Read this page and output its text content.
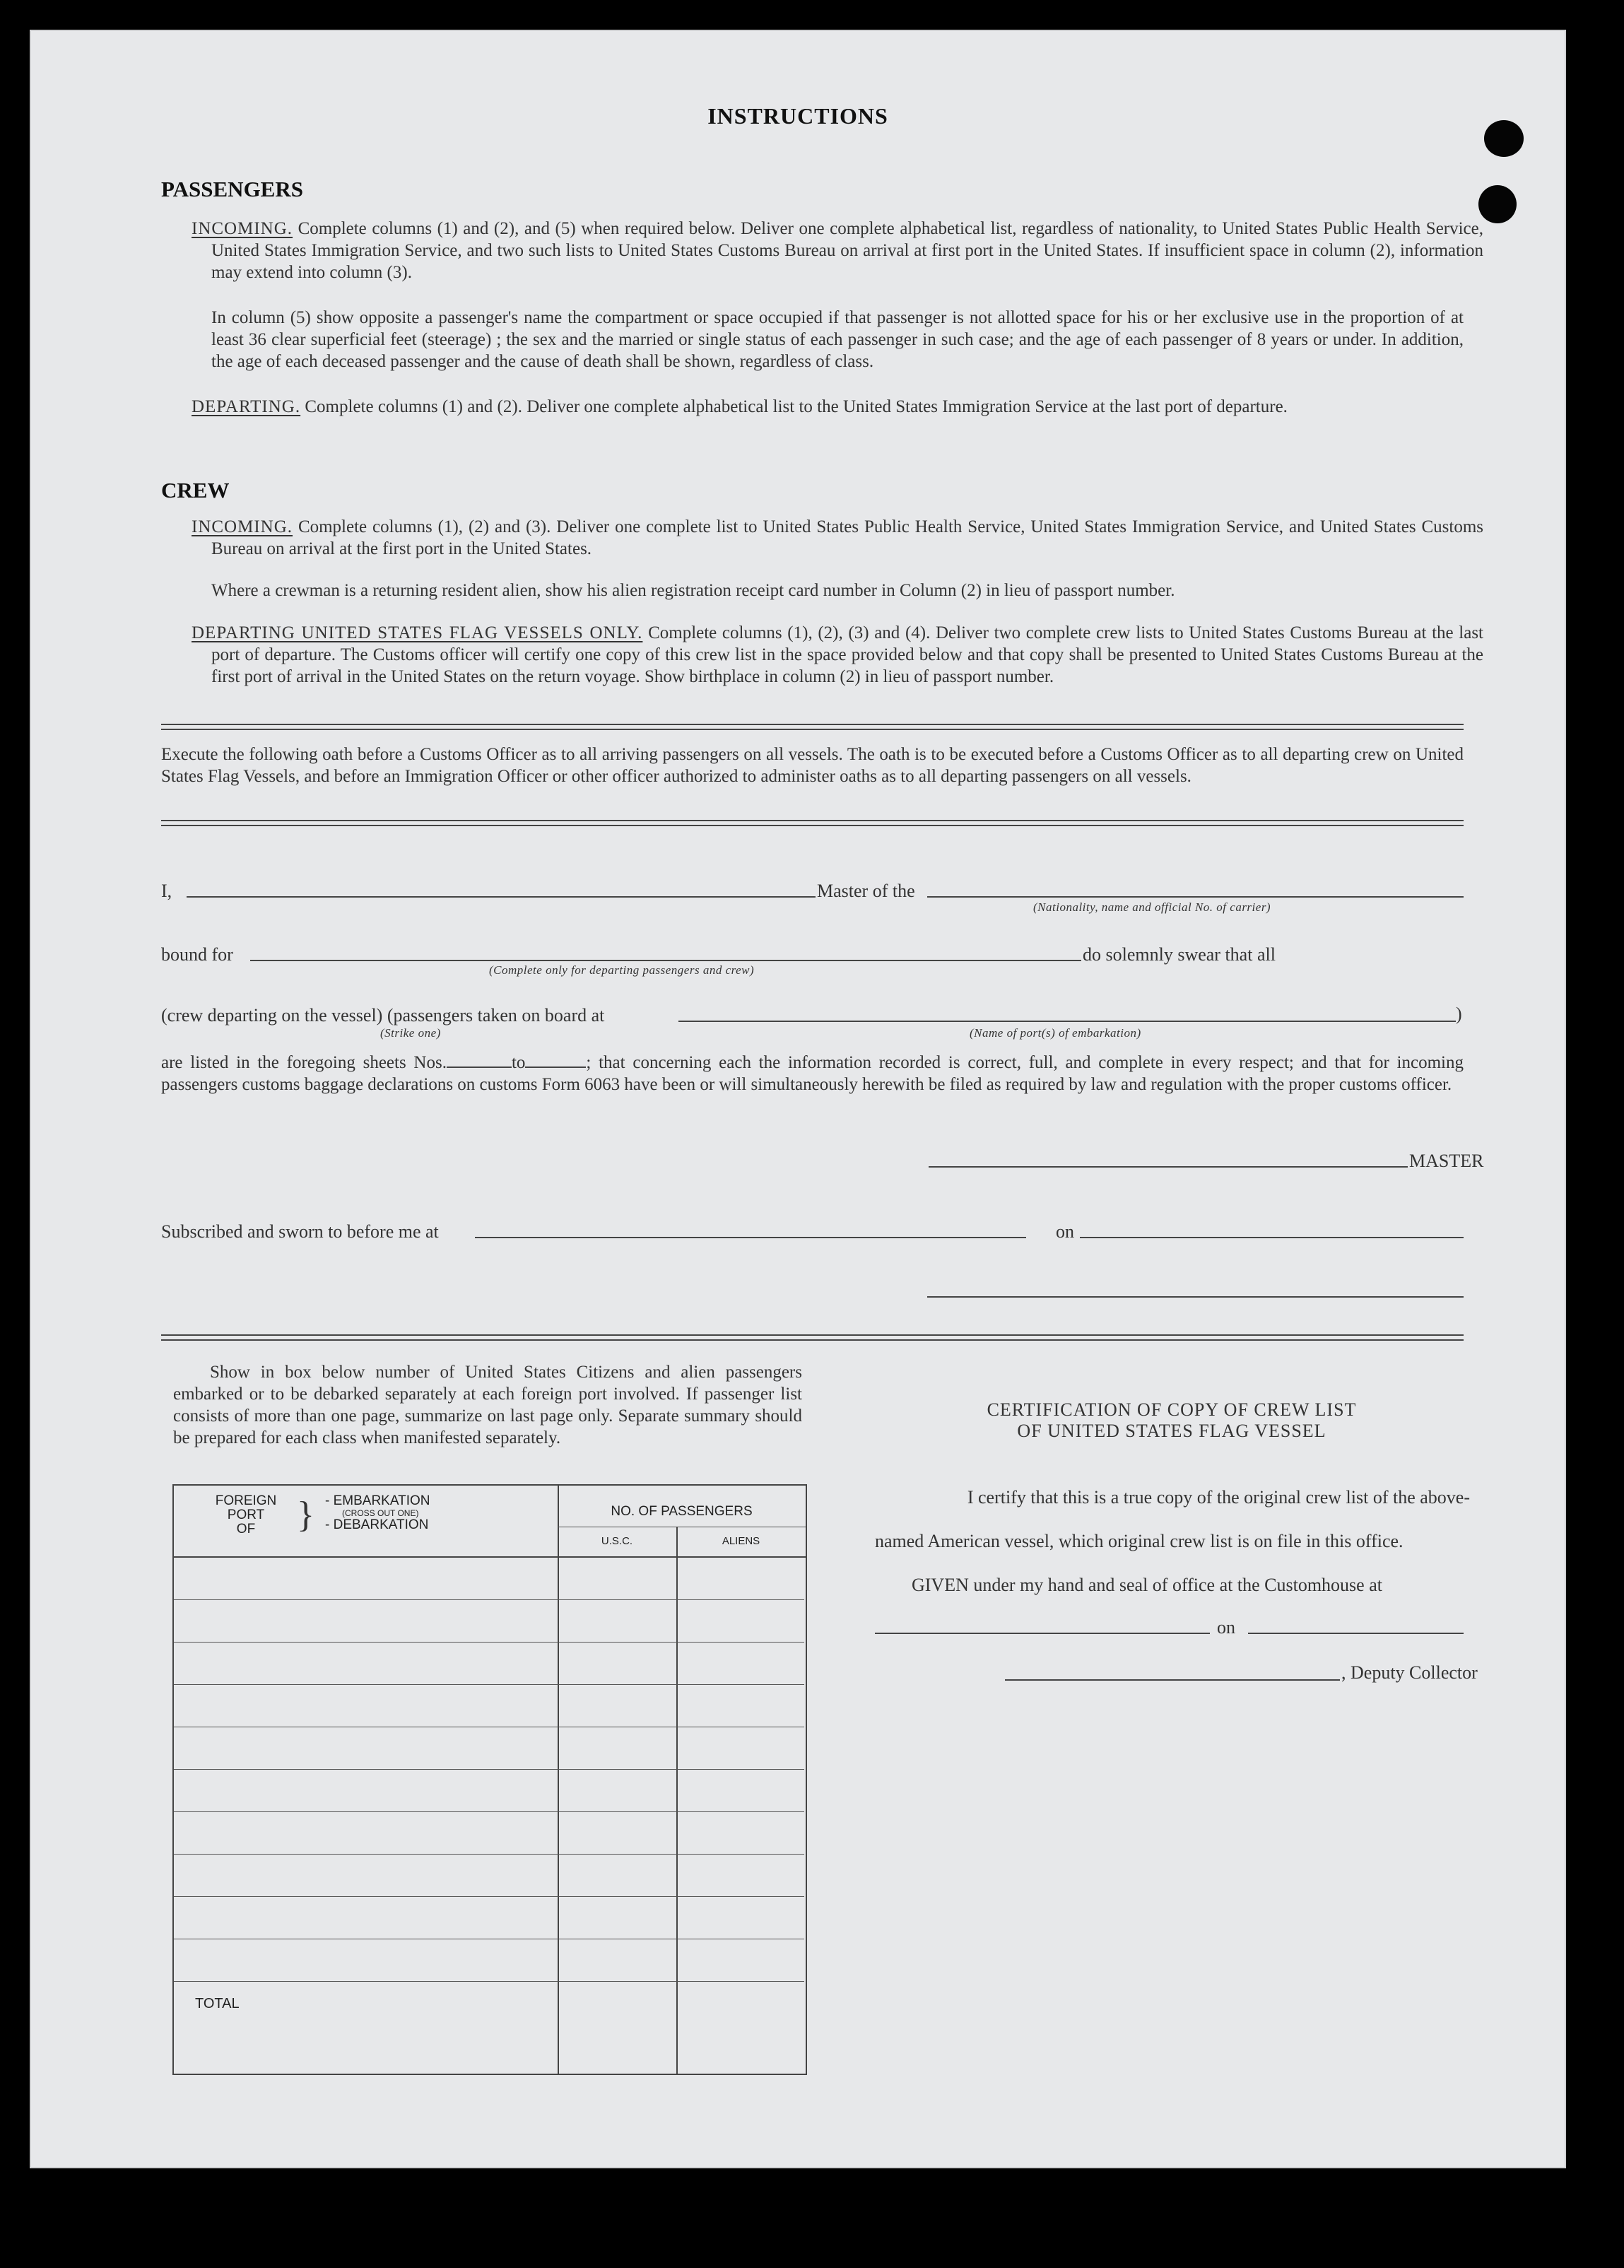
INSTRUCTIONS
PASSENGERS
INCOMING. Complete columns (1) and (2), and (5) when required below. Deliver one complete alphabetical list, regardless of nationality, to United States Public Health Service, United States Immigration Service, and two such lists to United States Customs Bureau on arrival at first port in the United States. If insufficient space in column (2), information may extend into column (3).
In column (5) show opposite a passenger's name the compartment or space occupied if that passenger is not allotted space for his or her exclusive use in the proportion of at least 36 clear superficial feet (steerage) ; the sex and the married or single status of each passenger in such case; and the age of each passenger of 8 years or under. In addition, the age of each deceased passenger and the cause of death shall be shown, regardless of class.
DEPARTING. Complete columns (1) and (2). Deliver one complete alphabetical list to the United States Immigration Service at the last port of departure.
CREW
INCOMING. Complete columns (1), (2) and (3). Deliver one complete list to United States Public Health Service, United States Immigration Service, and United States Customs Bureau on arrival at the first port in the United States.
Where a crewman is a returning resident alien, show his alien registration receipt card number in Column (2) in lieu of passport number.
DEPARTING UNITED STATES FLAG VESSELS ONLY. Complete columns (1), (2), (3) and (4). Deliver two complete crew lists to United States Customs Bureau at the last port of departure. The Customs officer will certify one copy of this crew list in the space provided below and that copy shall be presented to United States Customs Bureau at the first port of arrival in the United States on the return voyage. Show birthplace in column (2) in lieu of passport number.
Execute the following oath before a Customs Officer as to all arriving passengers on all vessels. The oath is to be executed before a Customs Officer as to all departing crew on United States Flag Vessels, and before an Immigration Officer or other officer authorized to administer oaths as to all departing passengers on all vessels.
I,	Master of the
(Nationality, name and official No. of carrier)
bound for
(Complete only for departing passengers and crew)
do solemnly swear that all
(crew departing on the vessel) (passengers taken on board at
(Strike one)	(Name of port(s) of embarkation)
)
are listed in the foregoing sheets Nos.	to	; that concerning each the information recorded is correct, full, and complete in every respect; and that for incoming passengers customs baggage declarations on customs Form 6063 have been or will simultaneously herewith be filed as required by law and regulation with the proper customs officer.
MASTER
Subscribed and sworn to before me at	on
Show in box below number of United States Citizens and alien passengers embarked or to be debarked separately at each foreign port involved. If passenger list consists of more than one page, summarize on last page only. Separate summary should be prepared for each class when manifested separately.
FOREIGN
PORT
OF	} - EMBARKATION
(CROSS OUT ONE)
- DEBARKATION
NO. OF PASSENGERS
U.S.C.	ALIENS
TOTAL
CERTIFICATION OF COPY OF CREW LIST
OF UNITED STATES FLAG VESSEL
I certify that this is a true copy of the original crew list of the above-
named American vessel, which original crew list is on file in this office.
GIVEN under my hand and seal of office at the Customhouse at
on
, Deputy Collector
